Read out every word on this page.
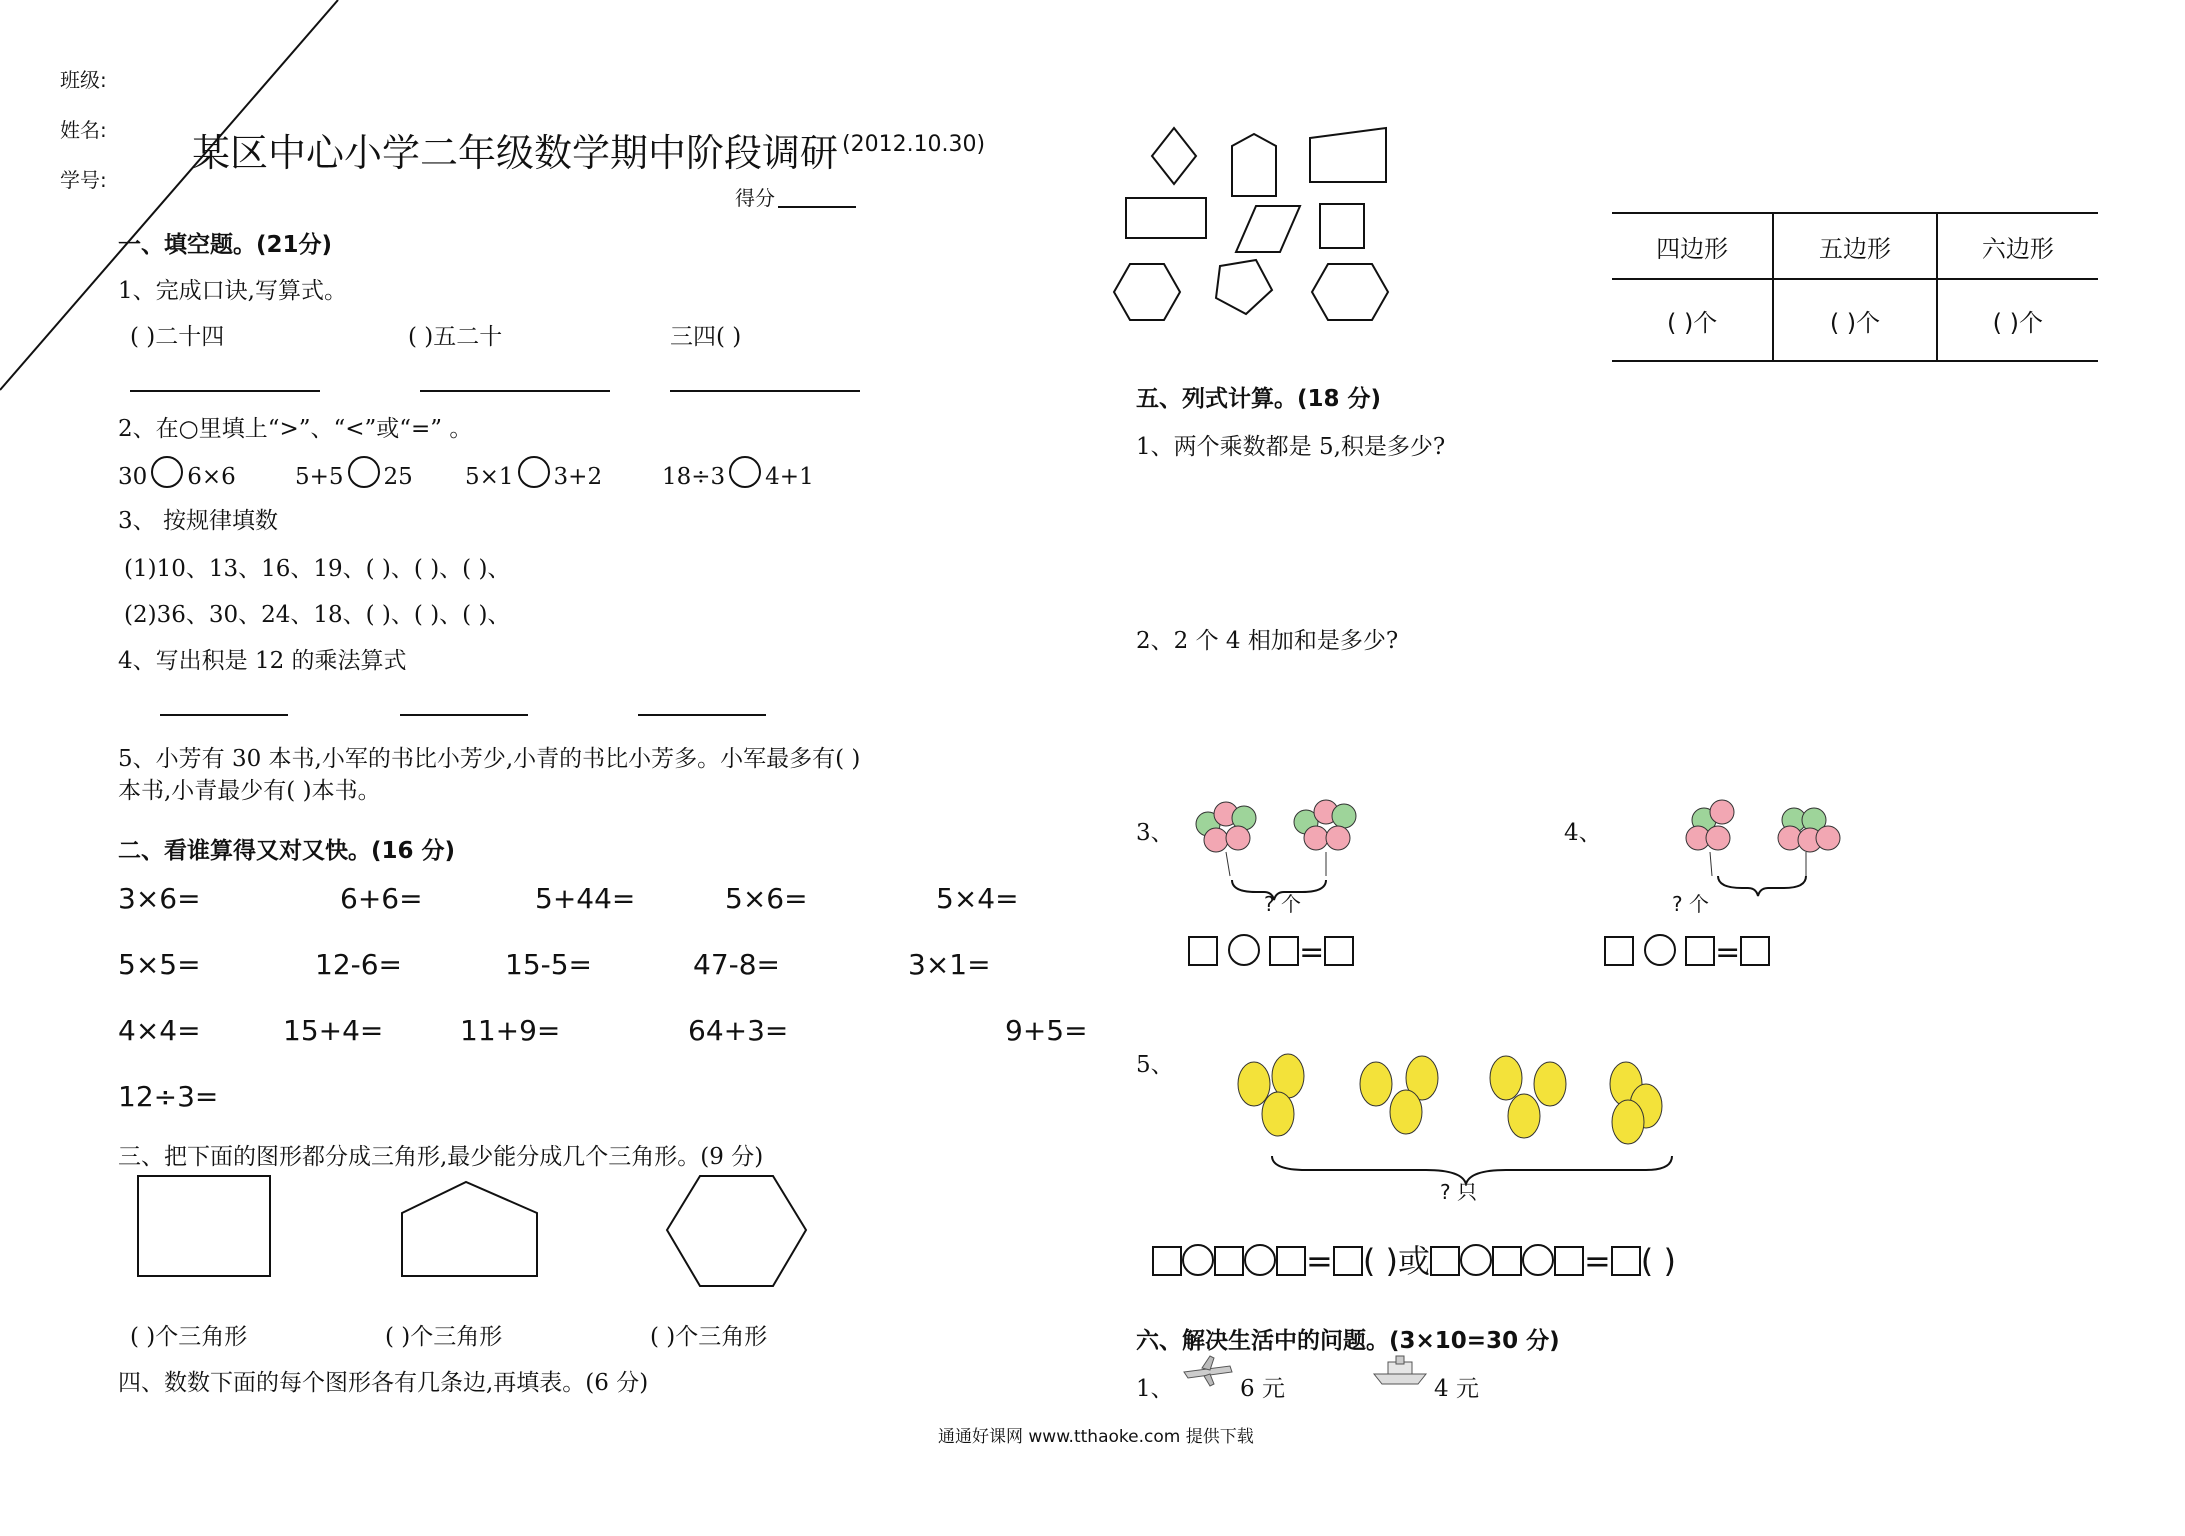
班级:
姓名:
学号:
某区中心小学二年级数学期中阶段调研 (2012.10.30)
得分
一、填空题。(21分)
1、完成口诀,写算式。
( )二十四	( )五二十	三四( )
2、在○里填上“>”、“<”或“=” 。
30 6×6	5+5 25 5×1 3+2	18÷3 4+1
3、 按规律填数
(1)10、13、16、19、( )、( )、( )、
(2)36、30、24、18、( )、( )、( )、
4、写出积是 12 的乘法算式
5、小芳有 30 本书,小军的书比小芳少,小青的书比小芳多。小军最多有( )
本书,小青最少有( )本书。
二、看谁算得又对又快。(16 分)
3×6=	6+6=	5+44=	5×6=	5×4=
5×5=	12-6=	15-5=	47-8=	3×1=
4×4=	15+4=	11+9=	64+3=	9+5=
12÷3=
三、把下面的图形都分成三角形,最少能分成几个三角形。(9 分)
( )个三角形	( )个三角形	( )个三角形
四、数数下面的每个图形各有几条边,再填表。(6 分)
四边形	五边形	六边形
( )个	( )个	( )个
五、列式计算。(18 分)
1、两个乘数都是 5,积是多少?
2、2 个 4 相加和是多少?
3、	4、
? 个
=
? 个
=
5、
? 只
= ( )或	= ( )
六、解决生活中的问题。(3×10=30 分)
1、	6 元	4 元
通通好课网 www.tthaoke.com 提供下载
